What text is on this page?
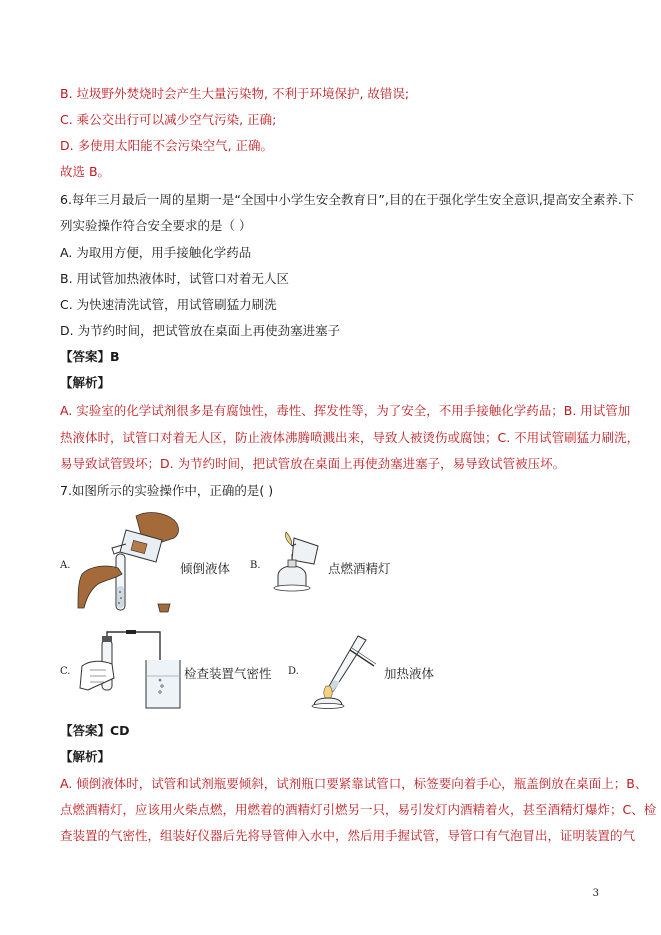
B. 垃圾野外焚烧时会产生大量污染物, 不利于环境保护, 故错误;
C. 乘公交出行可以减少空气污染, 正确;
D. 多使用太阳能不会污染空气, 正确。
故选 B。
6.每年三月最后一周的星期一是“全国中小学生安全教育日”,目的在于强化学生安全意识,提高安全素养.下
列实验操作符合安全要求的是（ ）
A. 为取用方便，用手接触化学药品
B. 用试管加热液体时，试管口对着无人区
C. 为快速清洗试管，用试管刷猛力刷洗
D. 为节约时间，把试管放在桌面上再使劲塞进塞子
【答案】B
【解析】
A. 实验室的化学试剂很多是有腐蚀性，毒性、挥发性等，为了安全，不用手接触化学药品；B. 用试管加
热液体时，试管口对着无人区，防止液体沸腾喷溅出来，导致人被烫伤或腐蚀；C. 不用试管刷猛力刷洗，
易导致试管毁坏；D. 为节约时间，把试管放在桌面上再使劲塞进塞子，易导致试管被压坏。
7.如图所示的实验操作中，正确的是( )
A.	倾倒液体 B.	点燃酒精灯
C.	检查装置气密性 D.	加热液体
【答案】CD
【解析】
A. 倾倒液体时，试管和试剂瓶要倾斜，试剂瓶口要紧靠试管口，标签要向着手心，瓶盖倒放在桌面上；B、
点燃酒精灯，应该用火柴点燃，用燃着的酒精灯引燃另一只，易引发灯内酒精着火，甚至酒精灯爆炸；C、检
查装置的气密性，组装好仪器后先将导管伸入水中，然后用手握试管，导管口有气泡冒出，证明装置的气
3
